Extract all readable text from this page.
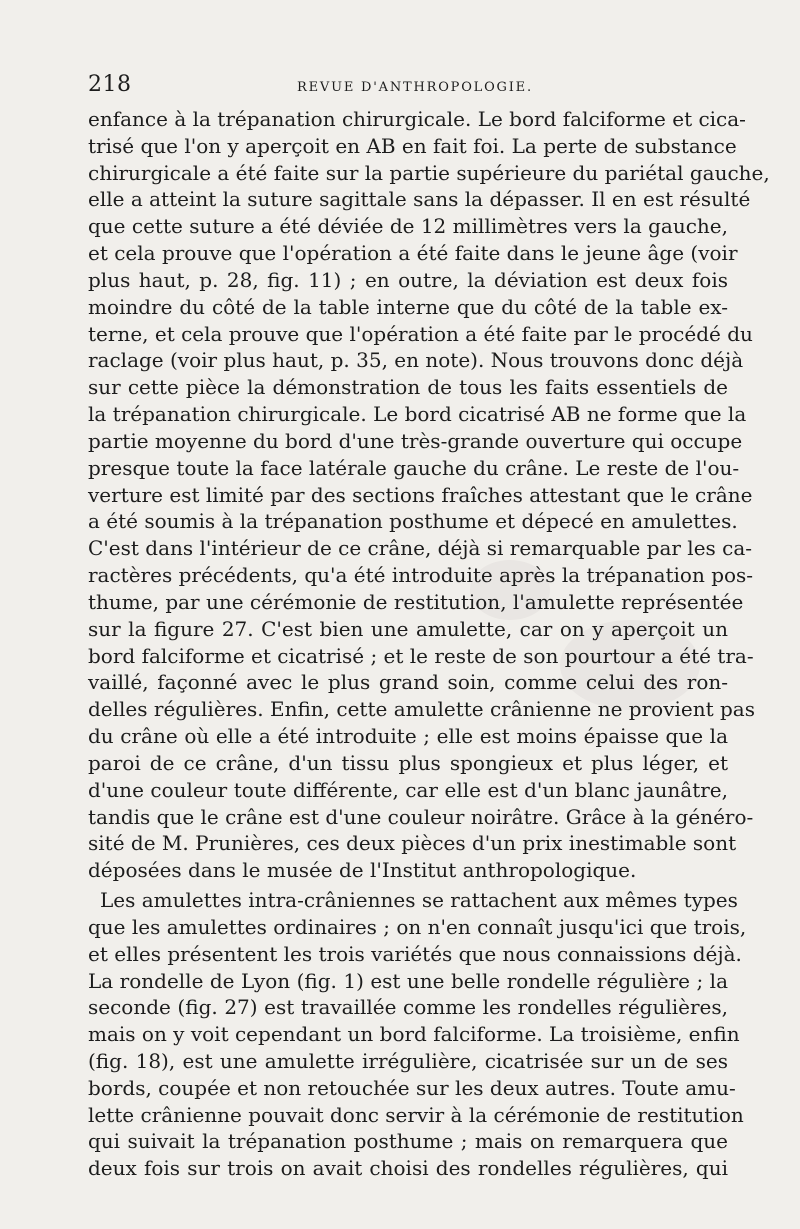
218	REVUE D'ANTHROPOLOGIE.
enfance à la trépanation chirurgicale. Le bord falciforme et cica-
trisé que l'on y aperçoit en AB en fait foi. La perte de substance
chirurgicale a été faite sur la partie supérieure du pariétal gauche,
elle a atteint la suture sagittale sans la dépasser. Il en est résulté
que cette suture a été déviée de 12 millimètres vers la gauche,
et cela prouve que l'opération a été faite dans le jeune âge (voir
plus haut, p. 28, fig. 11) ; en outre, la déviation est deux fois
moindre du côté de la table interne que du côté de la table ex-
terne, et cela prouve que l'opération a été faite par le procédé du
raclage (voir plus haut, p. 35, en note). Nous trouvons donc déjà
sur cette pièce la démonstration de tous les faits essentiels de
la trépanation chirurgicale. Le bord cicatrisé AB ne forme que la
partie moyenne du bord d'une très-grande ouverture qui occupe
presque toute la face latérale gauche du crâne. Le reste de l'ou-
verture est limité par des sections fraîches attestant que le crâne
a été soumis à la trépanation posthume et dépecé en amulettes.
C'est dans l'intérieur de ce crâne, déjà si remarquable par les ca-
ractères précédents, qu'a été introduite après la trépanation pos-
thume, par une cérémonie de restitution, l'amulette représentée
sur la figure 27. C'est bien une amulette, car on y aperçoit un
bord falciforme et cicatrisé ; et le reste de son pourtour a été tra-
vaillé, façonné avec le plus grand soin, comme celui des ron-
delles régulières. Enfin, cette amulette crânienne ne provient pas
du crâne où elle a été introduite ; elle est moins épaisse que la
paroi de ce crâne, d'un tissu plus spongieux et plus léger, et
d'une couleur toute différente, car elle est d'un blanc jaunâtre,
tandis que le crâne est d'une couleur noirâtre. Grâce à la généro-
sité de M. Prunières, ces deux pièces d'un prix inestimable sont
déposées dans le musée de l'Institut anthropologique.
Les amulettes intra-crâniennes se rattachent aux mêmes types
que les amulettes ordinaires ; on n'en connaît jusqu'ici que trois,
et elles présentent les trois variétés que nous connaissions déjà.
La rondelle de Lyon (fig. 1) est une belle rondelle régulière ; la
seconde (fig. 27) est travaillée comme les rondelles régulières,
mais on y voit cependant un bord falciforme. La troisième, enfin
(fig. 18), est une amulette irrégulière, cicatrisée sur un de ses
bords, coupée et non retouchée sur les deux autres. Toute amu-
lette crânienne pouvait donc servir à la cérémonie de restitution
qui suivait la trépanation posthume ; mais on remarquera que
deux fois sur trois on avait choisi des rondelles régulières, qui
